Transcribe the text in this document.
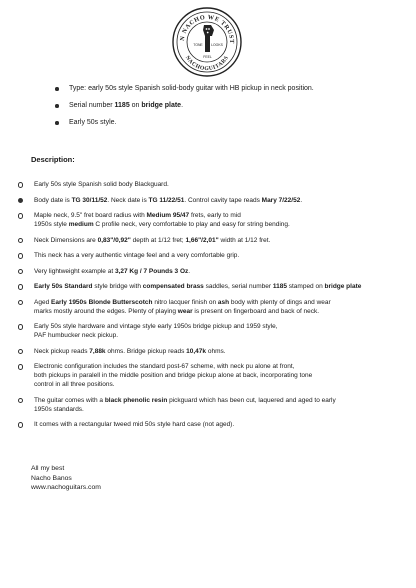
N NACHO WE TRUST
NACHOGUITARS
TONE LOOKS
FEEL
Type: early 50s style Spanish solid-body guitar with HB pickup in neck position.
Serial number 1185 on bridge plate.
Early 50s style.
Description:
Early 50s style Spanish solid body Blackguard.
Body date is TG 30/11/52. Neck date is TG 11/22/51. Control cavity tape reads Mary 7/22/52.
Maple neck, 9.5" fret board radius with Medium 95/47 frets, early to mid
1950s style medium C profile neck, very comfortable to play and easy for string bending.
Neck Dimensions are 0,83"/0,92" depth at 1/12 fret; 1,66"/2,01" width at 1/12 fret.
This neck has a very authentic vintage feel and a very comfortable grip.
Very lightweight example at 3,27 Kg / 7 Pounds 3 Oz.
Early 50s Standard style bridge with compensated brass saddles, serial number 1185 stamped on bridge plate
Aged Early 1950s Blonde Butterscotch nitro lacquer finish on ash body with plenty of dings and wear
marks mostly around the edges. Plenty of playing wear is present on fingerboard and back of neck.
Early 50s style hardware and vintage style early 1950s bridge pickup and 1959 style,
PAF humbucker neck pickup.
Neck pickup reads 7,88k ohms. Bridge pickup reads 10,47k ohms.
Electronic configuration includes the standard post-67 scheme, with neck pu alone at front,
both pickups in paralell in the middle position and bridge pickup alone at back, incorporating tone
control in all three positions.
The guitar comes with a black phenolic resin pickguard which has been cut, laquered and aged to early
1950s standards.
It comes with a rectangular tweed mid 50s style hard case (not aged).
All my best
Nacho Banos
www.nachoguitars.com
